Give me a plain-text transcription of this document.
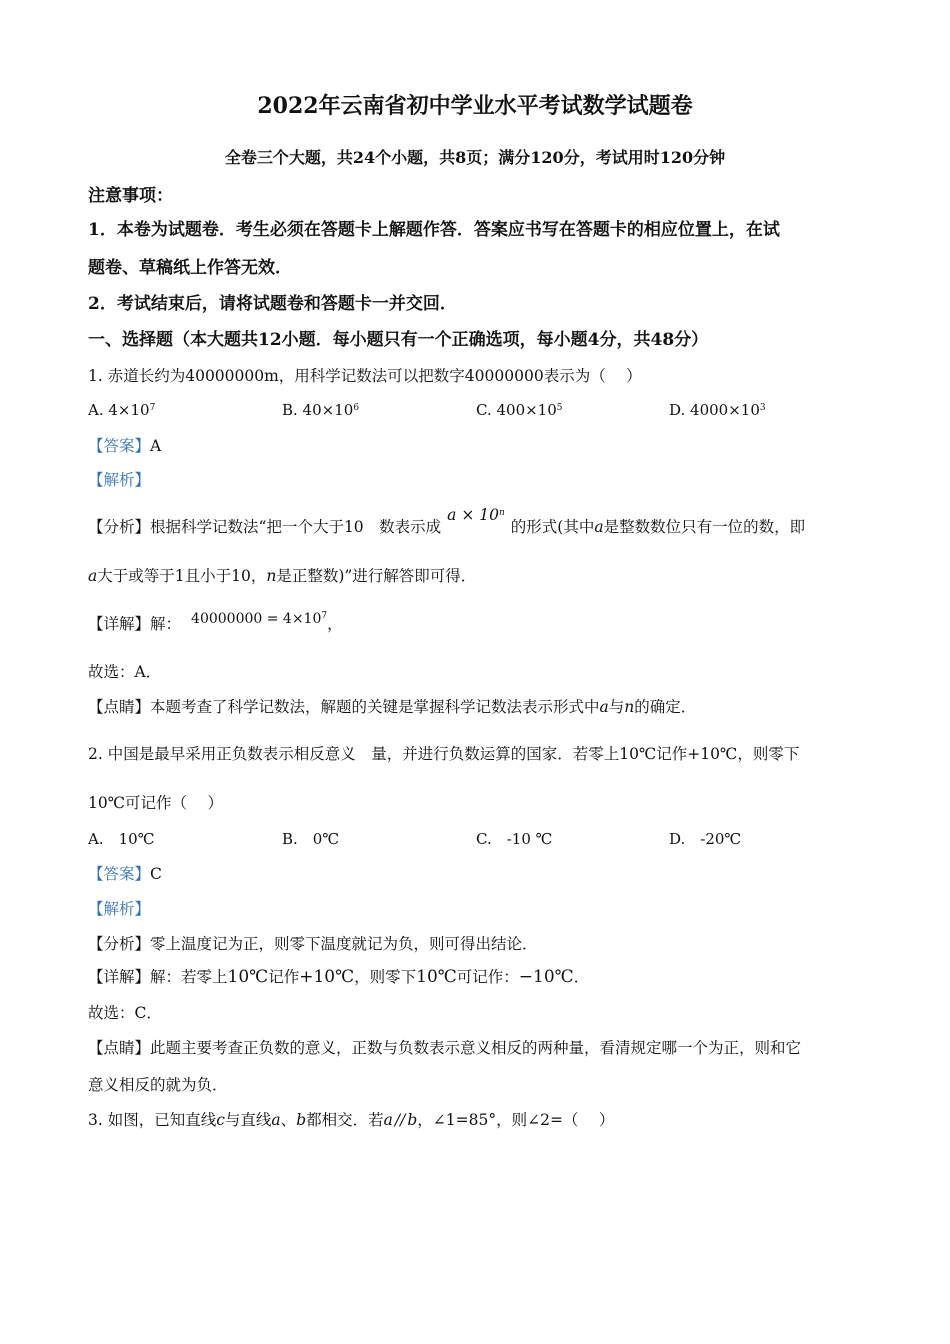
2022年云南省初中学业水平考试数学试题卷
全卷三个大题，共24个小题，共8页；满分120分，考试用时120分钟
注意事项：
1．本卷为试题卷．考生必须在答题卡上解题作答．答案应书写在答题卡的相应位置上，在试
题卷、草稿纸上作答无效．
2．考试结束后，请将试题卷和答题卡一并交回．
一、选择题（本大题共12小题．每小题只有一个正确选项，每小题4分，共48分）
1. 赤道长约为40000000m，用科学记数法可以把数字40000000表示为（　 ）
A. $4\times 10^7$	B. $40\times 10^6$	C. $400\times 10^5$	D. $4000\times 10^3$
【答案】A
【解析】
【分析】根据科学记数法“把一个大于10　数表示成$a \times 10^n$的形式(其中a是整数数位只有一位的数，即
a大于或等于1且小于10，n是正整数)”进行解答即可得．
【详解】解： $40000000 = 4\times 10^7$，
故选：A．
【点睛】本题考查了科学记数法，解题的关键是掌握科学记数法表示形式中a与n的确定．
2. 中国是最早采用正负数表示相反意义　量，并进行负数运算的国家．若零上10℃记作+10℃，则零下
10℃可记作（　 ）
A.　10℃	B.　0℃	C.　-10 ℃	D.　-20℃
【答案】C
【解析】
【分析】零上温度记为正，则零下温度就记为负，则可得出结论．
【详解】解：若零上10℃记作+10℃，则零下10℃可记作：−10℃．
故选：C．
【点睛】此题主要考查正负数的意义，正数与负数表示意义相反的两种量，看清规定哪一个为正，则和它
意义相反的就为负．
3. 如图，已知直线c与直线a、b都相交．若a // b，∠1=85°，则∠2=（　 ）
